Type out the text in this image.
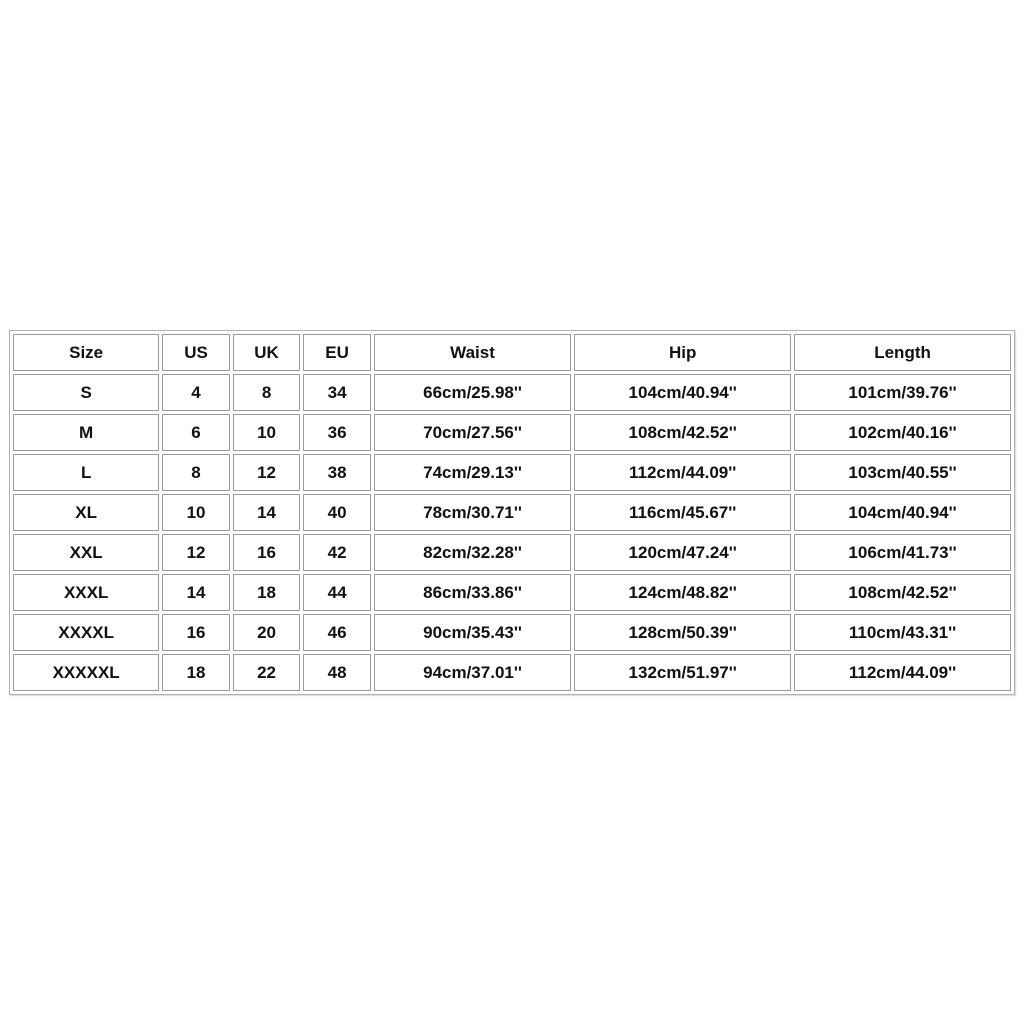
Size	US	UK	EU	Waist	Hip	Length
S	4	8	34	66cm/25.98''	104cm/40.94''	101cm/39.76''
M	6	10	36	70cm/27.56''	108cm/42.52''	102cm/40.16''
L	8	12	38	74cm/29.13''	112cm/44.09''	103cm/40.55''
XL	10	14	40	78cm/30.71''	116cm/45.67''	104cm/40.94''
XXL	12	16	42	82cm/32.28''	120cm/47.24''	106cm/41.73''
XXXL	14	18	44	86cm/33.86''	124cm/48.82''	108cm/42.52''
XXXXL	16	20	46	90cm/35.43''	128cm/50.39''	110cm/43.31''
XXXXXL	18	22	48	94cm/37.01''	132cm/51.97''	112cm/44.09''
